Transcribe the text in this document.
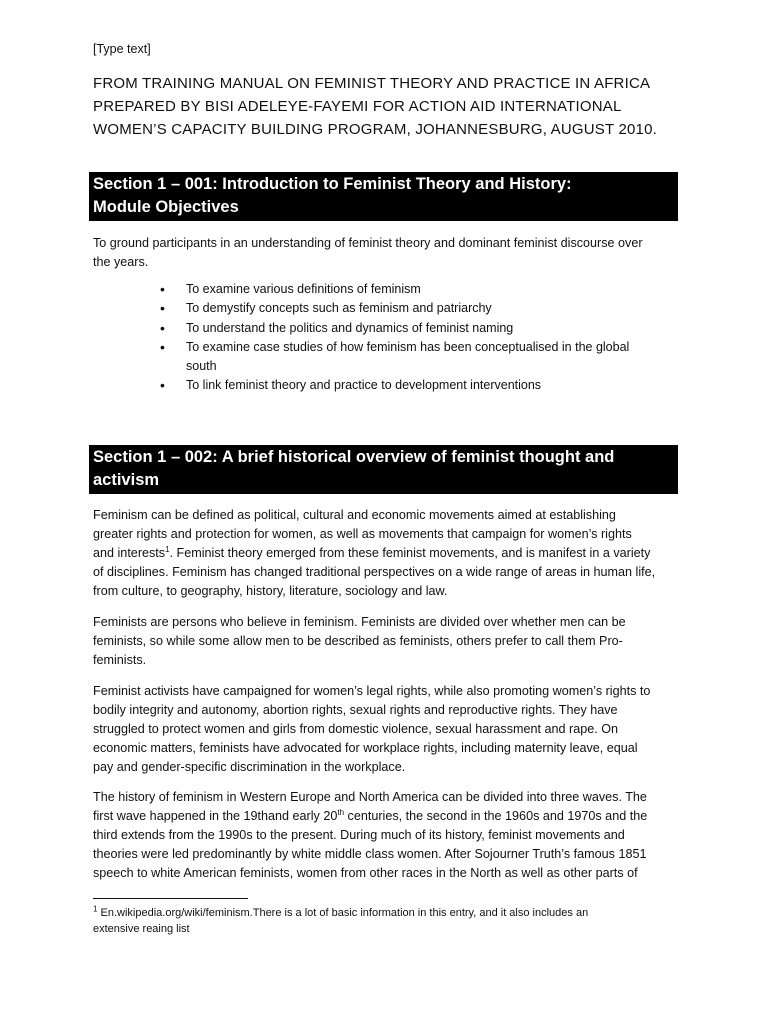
[Type text]
FROM TRAINING MANUAL ON FEMINIST THEORY AND PRACTICE IN AFRICA
PREPARED BY BISI ADELEYE-FAYEMI FOR ACTION AID INTERNATIONAL
WOMEN’S CAPACITY BUILDING PROGRAM, JOHANNESBURG, AUGUST 2010.
Section 1 – 001: Introduction to Feminist Theory and History:
Module Objectives
To ground participants in an understanding of feminist theory and dominant feminist discourse over
the years.
• To examine various definitions of feminism
• To demystify concepts such as feminism and patriarchy
• To understand the politics and dynamics of feminist naming
• To examine case studies of how feminism has been conceptualised in the global
south
• To link feminist theory and practice to development interventions
Section 1 – 002: A brief historical overview of feminist thought and
activism
Feminism can be defined as political, cultural and economic movements aimed at establishing
greater rights and protection for women, as well as movements that campaign for women’s rights
and interests$^1$. Feminist theory emerged from these feminist movements, and is manifest in a variety
of disciplines. Feminism has changed traditional perspectives on a wide range of areas in human life,
from culture, to geography, history, literature, sociology and law.
Feminists are persons who believe in feminism. Feminists are divided over whether men can be
feminists, so while some allow men to be described as feminists, others prefer to call them Pro-
feminists.
Feminist activists have campaigned for women’s legal rights, while also promoting women’s rights to
bodily integrity and autonomy, abortion rights, sexual rights and reproductive rights. They have
struggled to protect women and girls from domestic violence, sexual harassment and rape. On
economic matters, feminists have advocated for workplace rights, including maternity leave, equal
pay and gender-specific discrimination in the workplace.
The history of feminism in Western Europe and North America can be divided into three waves. The
first wave happened in the 19thand early 20th centuries, the second in the 1960s and 1970s and the
third extends from the 1990s to the present. During much of its history, feminist movements and
theories were led predominantly by white middle class women. After Sojourner Truth’s famous 1851
speech to white American feminists, women from other races in the North as well as other parts of
$^1$ En.wikipedia.org/wiki/feminism.There is a lot of basic information in this entry, and it also includes an
extensive reaing list
